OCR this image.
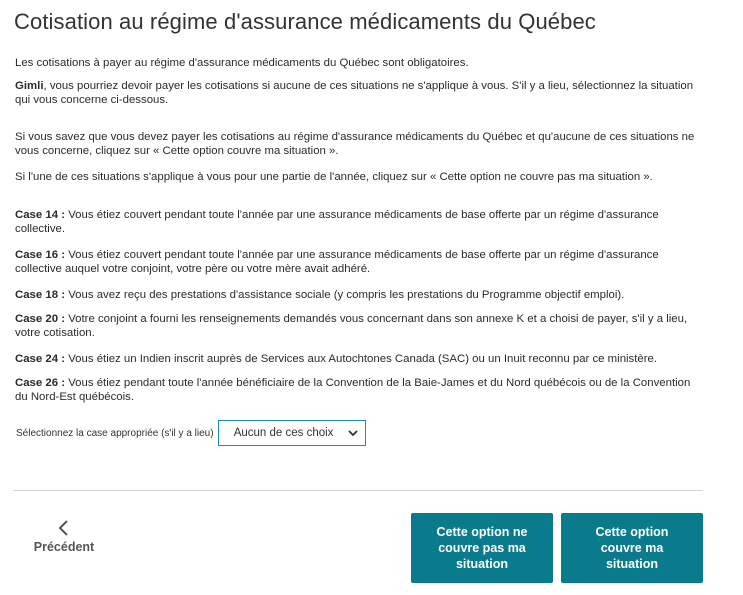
Cotisation au régime d'assurance médicaments du Québec

Les cotisations à payer au régime d'assurance médicaments du Québec sont obligatoires.

Gimli, vous pourriez devoir payer les cotisations si aucune de ces situations ne s'applique à vous. S'il y a lieu, sélectionnez la situation qui vous concerne ci-dessous.

Si vous savez que vous devez payer les cotisations au régime d'assurance médicaments du Québec et qu'aucune de ces situations ne vous concerne, cliquez sur « Cette option couvre ma situation ».

Si l'une de ces situations s'applique à vous pour une partie de l'année, cliquez sur « Cette option ne couvre pas ma situation ».

Case 14 : Vous étiez couvert pendant toute l'année par une assurance médicaments de base offerte par un régime d'assurance collective.

Case 16 : Vous étiez couvert pendant toute l'année par une assurance médicaments de base offerte par un régime d'assurance collective auquel votre conjoint, votre père ou votre mère avait adhéré.

Case 18 : Vous avez reçu des prestations d'assistance sociale (y compris les prestations du Programme objectif emploi).

Case 20 : Votre conjoint a fourni les renseignements demandés vous concernant dans son annexe K et a choisi de payer, s'il y a lieu, votre cotisation.

Case 24 : Vous étiez un Indien inscrit auprès de Services aux Autochtones Canada (SAC) ou un Inuit reconnu par ce ministère.

Case 26 : Vous étiez pendant toute l'année bénéficiaire de la Convention de la Baie-James et du Nord québécois ou de la Convention du Nord-Est québécois.

Sélectionnez la case appropriée (s'il y a lieu) Aucun de ces choix
Précédent
Cette option ne couvre pas ma situation
Cette option couvre ma situation
